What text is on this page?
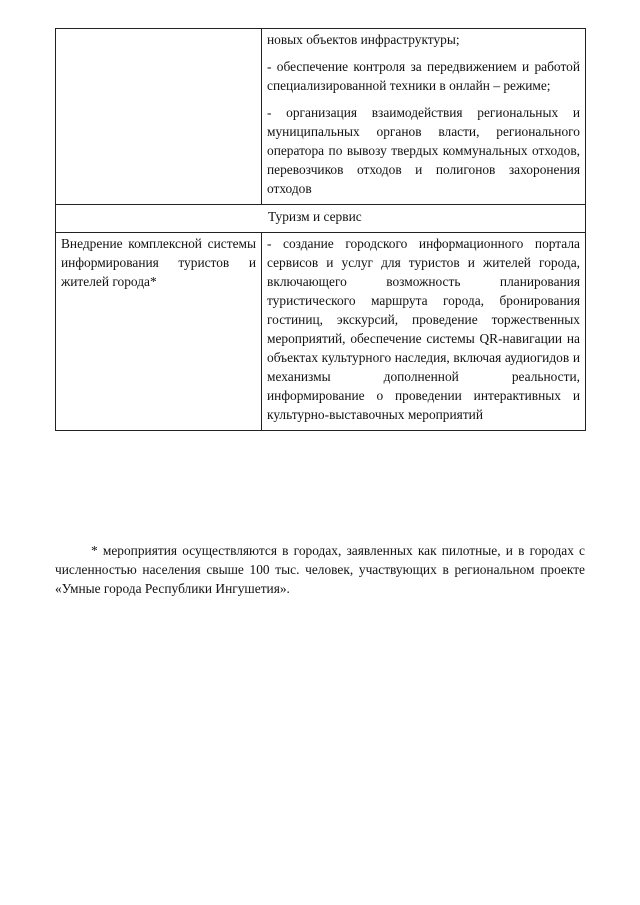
	новых объектов инфраструктуры;

- обеспечение контроля за передвижением и работой специализированной техники в онлайн – режиме;

- организация взаимодействия региональных и муниципальных органов власти, регионального оператора по вывозу твердых коммунальных отходов, перевозчиков отходов и полигонов захоронения отходов

Туризм и сервис	

Внедрение комплексной системы информирования туристов и жителей города*	- создание городского информационного портала сервисов и услуг для туристов и жителей города, включающего возможность планирования туристического маршрута города, бронирования гостиниц, экскурсий, проведение торжественных мероприятий, обеспечение системы QR-навигации на объектах культурного наследия, включая аудиогидов и механизмы дополненной реальности, информирование о проведении интерактивных и культурно-выставочных мероприятий

* мероприятия осуществляются в городах, заявленных как пилотные, и в городах с численностью населения свыше 100 тыс. человек, участвующих в региональном проекте «Умные города Республики Ингушетия».
